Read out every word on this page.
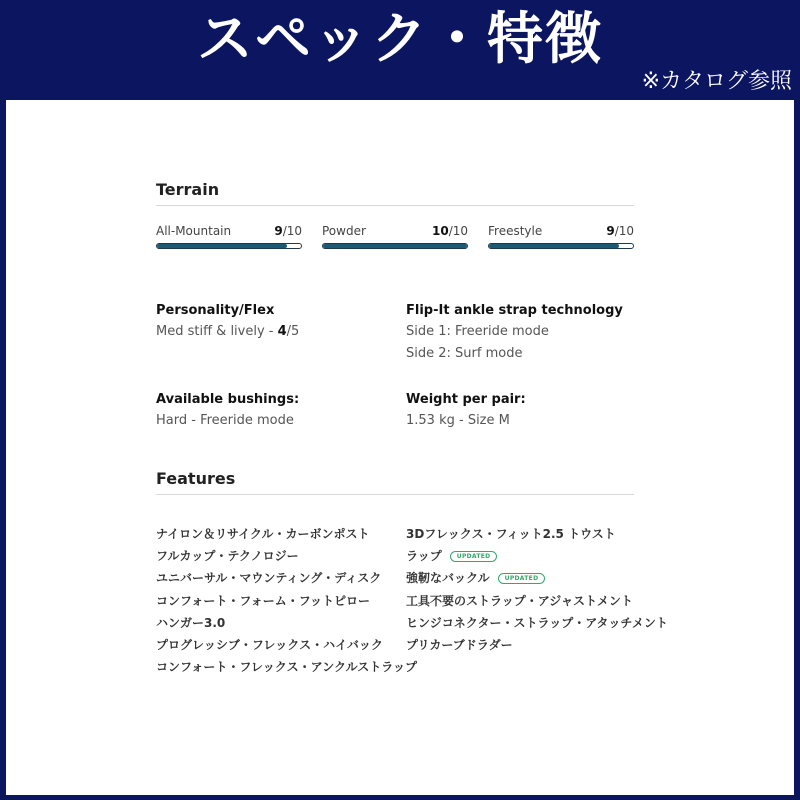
スペック・特徴
※カタログ参照
Terrain
All-Mountain	9/10 Powder	10/10 Freestyle	9/10
Personality/Flex
Med stiff & lively - 4/5
Flip-It ankle strap technology
Side 1: Freeride mode
Side 2: Surf mode
Available bushings:
Hard - Freeride mode
Weight per pair:
1.53 kg - Size M
Features
ナイロン＆リサイクル・カーボンポスト
フルカップ・テクノロジー
ユニバーサル・マウンティング・ディスク
コンフォート・フォーム・フットピロー
ハンガー3.0
プログレッシブ・フレックス・ハイバック
コンフォート・フレックス・アンクルストラップ
3Dフレックス・フィット2.5 トウスト
ラップ	UPDATED
強靭なバックル	UPDATED
工具不要のストラップ・アジャストメント
ヒンジコネクター・ストラップ・アタッチメント
プリカーブドラダー
